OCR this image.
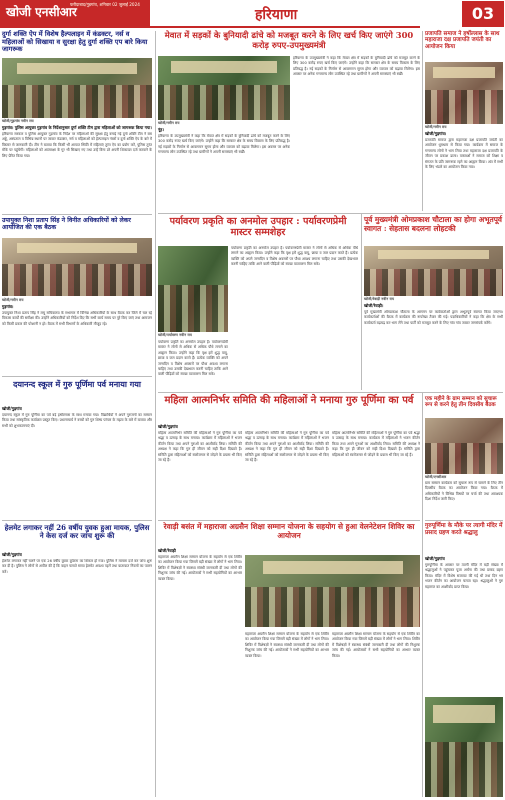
खोजी एनसीआर
फरीदाबाद/गुड़गांव, शनिवार 02 जुलाई 2024
हरियाणा	03
दुर्गा शक्ति ऐप में विशेष हैल्पलाइन में कंडक्टर, नर्स व महिलाओं को सिखाया व सुरक्षा हेतु दुर्गा शक्ति एप बारे किया जागरूक
खोजी/गुड़गांव नवीन राय
गुड़गांव। पुलिस आयुक्त गुड़गांव के निर्देशानुसार दुर्गा शक्ति टीम द्वारा महिलाओं को जागरूक किया गया।
हरियाणा सरकार व पुलिस आयुक्त गुड़गांव के निर्देश पर महिलाओं की सुरक्षा हेतु बनाई गई दुर्गा शक्ति टीम ने बस अड्डे, अस्पताल व विभिन्न स्थानों पर जाकर कंडक्टर, नर्स व महिलाओं को हेल्पलाइन नंबरों व दुर्गा शक्ति ऐप के बारे में विस्तार से जानकारी दी। टीम ने बताया कि किसी भी आपात स्थिति में महिलाएं तुरंत ऐप का प्रयोग करें, पुलिस तुरंत मौके पर पहुंचेगी। महिलाओं को आत्मरक्षा के गुर भी सिखाए गए तथा उन्हें बिना डरे अपनी शिकायत दर्ज करवाने के लिए प्रेरित किया गया।
उपायुक्त निशा प्रताप सिंह ने विनीत अधिकारियों को लेकर आयोजित की एक बैठक
खोजी/नवीन राय
गुड़गांव।
उपायुक्त निशा प्रताप सिंह ने लघु सचिवालय के सभागार में विभिन्न अधिकारियों के साथ बैठक कर जिले में चल रहे विकास कार्यों की समीक्षा की। उन्होंने अधिकारियों को निर्देश दिए कि सभी कार्य समय पर पूरे किए जाएं तथा आमजन को किसी प्रकार की परेशानी न हो। बैठक में सभी विभागों के अधिकारी मौजूद रहे।
दयानन्द स्कूल में गुरु पूर्णिमा पर्व मनाया गया
खोजी/गुड़गांव
दयानन्द स्कूल में गुरु पूर्णिमा का पर्व बड़े हर्षोल्लास के साथ मनाया गया। विद्यार्थियों ने अपने गुरुजनों का सम्मान किया तथा सांस्कृतिक कार्यक्रम प्रस्तुत किए। प्रधानाचार्य ने बच्चों को गुरु शिष्य परंपरा के महत्व के बारे में बताया और सभी को शुभकामनाएं दीं।
हेलमेट लगाकर नहीं 26 वर्षीय युवक हुआ मायक, पुलिस ने केस दर्ज कर जांच शुरू की
खोजी/गुड़गांव
हेलमेट लगाकर नहीं चलने पर एक 26 वर्षीय युवक दुर्घटना का शिकार हो गया। पुलिस ने मामला दर्ज कर जांच शुरू कर दी है। पुलिस ने लोगों से अपील की है कि वाहन चलाते समय हेलमेट अवश्य पहनें तथा यातायात नियमों का पालन करें।
मेवात में सड़कों के बुनियादी ढांचे को मजबूत करने के लिए खर्च किए जाएंगे 300 करोड़ रुपए-उपमुख्यमंत्री
खोजी/नवीन राय
नूंह।
हरियाणा के उपमुख्यमंत्री ने कहा कि मेवात क्षेत्र में सड़कों के बुनियादी ढांचे को मजबूत करने के लिए 300 करोड़ रुपए खर्च किए जाएंगे। उन्होंने कहा कि सरकार क्षेत्र के समग्र विकास के लिए प्रतिबद्ध है। नई सड़कों के निर्माण से आवागमन सुगम होगा और व्यापार को बढ़ावा मिलेगा। इस अवसर पर अनेक गणमान्य लोग उपस्थित रहे तथा ग्रामीणों ने अपनी समस्याएं भी रखीं।
हरियाणा के उपमुख्यमंत्री ने कहा कि मेवात क्षेत्र में सड़कों के बुनियादी ढांचे को मजबूत करने के लिए 300 करोड़ रुपए खर्च किए जाएंगे। उन्होंने कहा कि सरकार क्षेत्र के समग्र विकास के लिए प्रतिबद्ध है। नई सड़कों के निर्माण से आवागमन सुगम होगा और व्यापार को बढ़ावा मिलेगा। इस अवसर पर अनेक गणमान्य लोग उपस्थित रहे तथा ग्रामीणों ने अपनी समस्याएं भी रखीं।
प्रजापति समाज ने हर्षोल्लास के साथ महाराजा दक्ष प्रजापति जयंती का आयोजन किया
खोजी/नवीन राय
खोजी/गुड़गांव।
प्रजापति समाज द्वारा महाराजा दक्ष प्रजापति जयंती का आयोजन धूमधाम से किया गया। कार्यक्रम में समाज के गणमान्य लोगों ने भाग लिया तथा महाराजा दक्ष प्रजापति के जीवन पर प्रकाश डाला। वक्ताओं ने समाज को शिक्षा व संगठन के प्रति जागरूक रहने का आह्वान किया। अंत में सभी के लिए भंडारे का आयोजन किया गया।
पर्यावरण प्रकृति का अनमोल उपहार : पर्यावरणप्रेमी मास्टर सम्मशेहर
खोजी/पर्यावरण नवीन राय
पर्यावरण प्रकृति का अनमोल उपहार है। पर्यावरणप्रेमी मास्टर ने लोगों से अधिक से अधिक पौधे लगाने का आह्वान किया। उन्होंने कहा कि वृक्ष हमें शुद्ध वायु, छाया व जल प्रदान करते हैं। प्रत्येक व्यक्ति को अपने जन्मदिन व विशेष अवसरों पर पौधा अवश्य लगाना चाहिए तथा उसकी देखभाल करनी चाहिए ताकि आने वाली पीढ़ियों को स्वच्छ वातावरण मिल सके।
पर्यावरण प्रकृति का अनमोल उपहार है। पर्यावरणप्रेमी मास्टर ने लोगों से अधिक से अधिक पौधे लगाने का आह्वान किया। उन्होंने कहा कि वृक्ष हमें शुद्ध वायु, छाया व जल प्रदान करते हैं। प्रत्येक व्यक्ति को अपने जन्मदिन व विशेष अवसरों पर पौधा अवश्य लगाना चाहिए तथा उसकी देखभाल करनी चाहिए ताकि आने वाली पीढ़ियों को स्वच्छ वातावरण मिल सके।
पूर्व मुख्यमंत्री ओमप्रकाश चौटाला का होगा अभूतपूर्व स्वागत : सेहतास बदलना लोहटकी
खोजी/रेवाड़ी नवीन राय
खोजी/रेवाड़ी।
पूर्व मुख्यमंत्री ओमप्रकाश चौटाला के आगमन पर कार्यकर्ताओं द्वारा अभूतपूर्व स्वागत किया जाएगा। कार्यकर्ताओं की बैठक में कार्यक्रम की रूपरेखा तैयार की गई। पदाधिकारियों ने कहा कि क्षेत्र के सभी कार्यकर्ता बढ़चढ़ कर भाग लेंगे तथा पार्टी को मजबूत करने के लिए गांव गांव जाकर जनसंपर्क करेंगे।
महिला आत्मनिर्भर समिति की महिलाओं ने मनाया गुरु पूर्णिमा का पर्व
खोजी/गुड़गांव
महिला आत्मनिर्भर समिति की महिलाओं ने गुरु पूर्णिमा का पर्व श्रद्धा व उत्साह के साथ मनाया। कार्यक्रम में महिलाओं ने भजन कीर्तन किया तथा अपने गुरुओं का आशीर्वाद लिया। समिति की अध्यक्ष ने कहा कि गुरु ही जीवन को सही दिशा दिखाते हैं। समिति द्वारा महिलाओं को स्वरोजगार से जोड़ने के प्रयास भी किए जा रहे हैं।
महिला आत्मनिर्भर समिति की महिलाओं ने गुरु पूर्णिमा का पर्व श्रद्धा व उत्साह के साथ मनाया। कार्यक्रम में महिलाओं ने भजन कीर्तन किया तथा अपने गुरुओं का आशीर्वाद लिया। समिति की अध्यक्ष ने कहा कि गुरु ही जीवन को सही दिशा दिखाते हैं। समिति द्वारा महिलाओं को स्वरोजगार से जोड़ने के प्रयास भी किए जा रहे हैं।
महिला आत्मनिर्भर समिति की महिलाओं ने गुरु पूर्णिमा का पर्व श्रद्धा व उत्साह के साथ मनाया। कार्यक्रम में महिलाओं ने भजन कीर्तन किया तथा अपने गुरुओं का आशीर्वाद लिया। समिति की अध्यक्ष ने कहा कि गुरु ही जीवन को सही दिशा दिखाते हैं। समिति द्वारा महिलाओं को स्वरोजगार से जोड़ने के प्रयास भी किए जा रहे हैं।
रेवाड़ी बसंत में महाराजा अग्रसैन शिक्षा सम्मान योजना के सहयोग से हुआ वेलनेटेशन शिविर का आयोजन
खोजी/रेवाड़ी
महाराजा अग्रसैन शिक्षा सम्मान योजना के सहयोग से एक शिविर का आयोजन किया गया जिसमें बड़ी संख्या में लोगों ने भाग लिया। शिविर में विशेषज्ञों ने स्वास्थ्य संबंधी जानकारी दी तथा लोगों की निशुल्क जांच की गई। आयोजकों ने सभी सहयोगियों का आभार व्यक्त किया।
महाराजा अग्रसैन शिक्षा सम्मान योजना के सहयोग से एक शिविर का आयोजन किया गया जिसमें बड़ी संख्या में लोगों ने भाग लिया। शिविर में विशेषज्ञों ने स्वास्थ्य संबंधी जानकारी दी तथा लोगों की निशुल्क जांच की गई। आयोजकों ने सभी सहयोगियों का आभार व्यक्त किया।
महाराजा अग्रसैन शिक्षा सम्मान योजना के सहयोग से एक शिविर का आयोजन किया गया जिसमें बड़ी संख्या में लोगों ने भाग लिया। शिविर में विशेषज्ञों ने स्वास्थ्य संबंधी जानकारी दी तथा लोगों की निशुल्क जांच की गई। आयोजकों ने सभी सहयोगियों का आभार व्यक्त किया।
एक महीने के ग्राम सम्मान को सुचारू रूप से करने हेतु तीन दिवसीय बैठक
खोजी/एनसीआर
ग्राम सम्मान कार्यक्रम को सुचारू रूप से चलाने के लिए तीन दिवसीय बैठक का आयोजन किया गया। बैठक में अधिकारियों ने विभिन्न विषयों पर चर्चा की तथा आवश्यक दिशा निर्देश जारी किए।
गुरुपूर्णिमा के मौके पर त्यागी मंदिर में प्रसाद ग्रहण करते श्रद्धालु
खोजी/गुड़गांव
गुरुपूर्णिमा के अवसर पर त्यागी मंदिर में बड़ी संख्या में श्रद्धालुओं ने पहुंचकर पूजा अर्चना की तथा प्रसाद ग्रहण किया। मंदिर में विशेष सजावट की गई थी तथा दिन भर भजन कीर्तन का आयोजन चलता रहा। श्रद्धालुओं ने गुरु महाराज का आशीर्वाद प्राप्त किया।
